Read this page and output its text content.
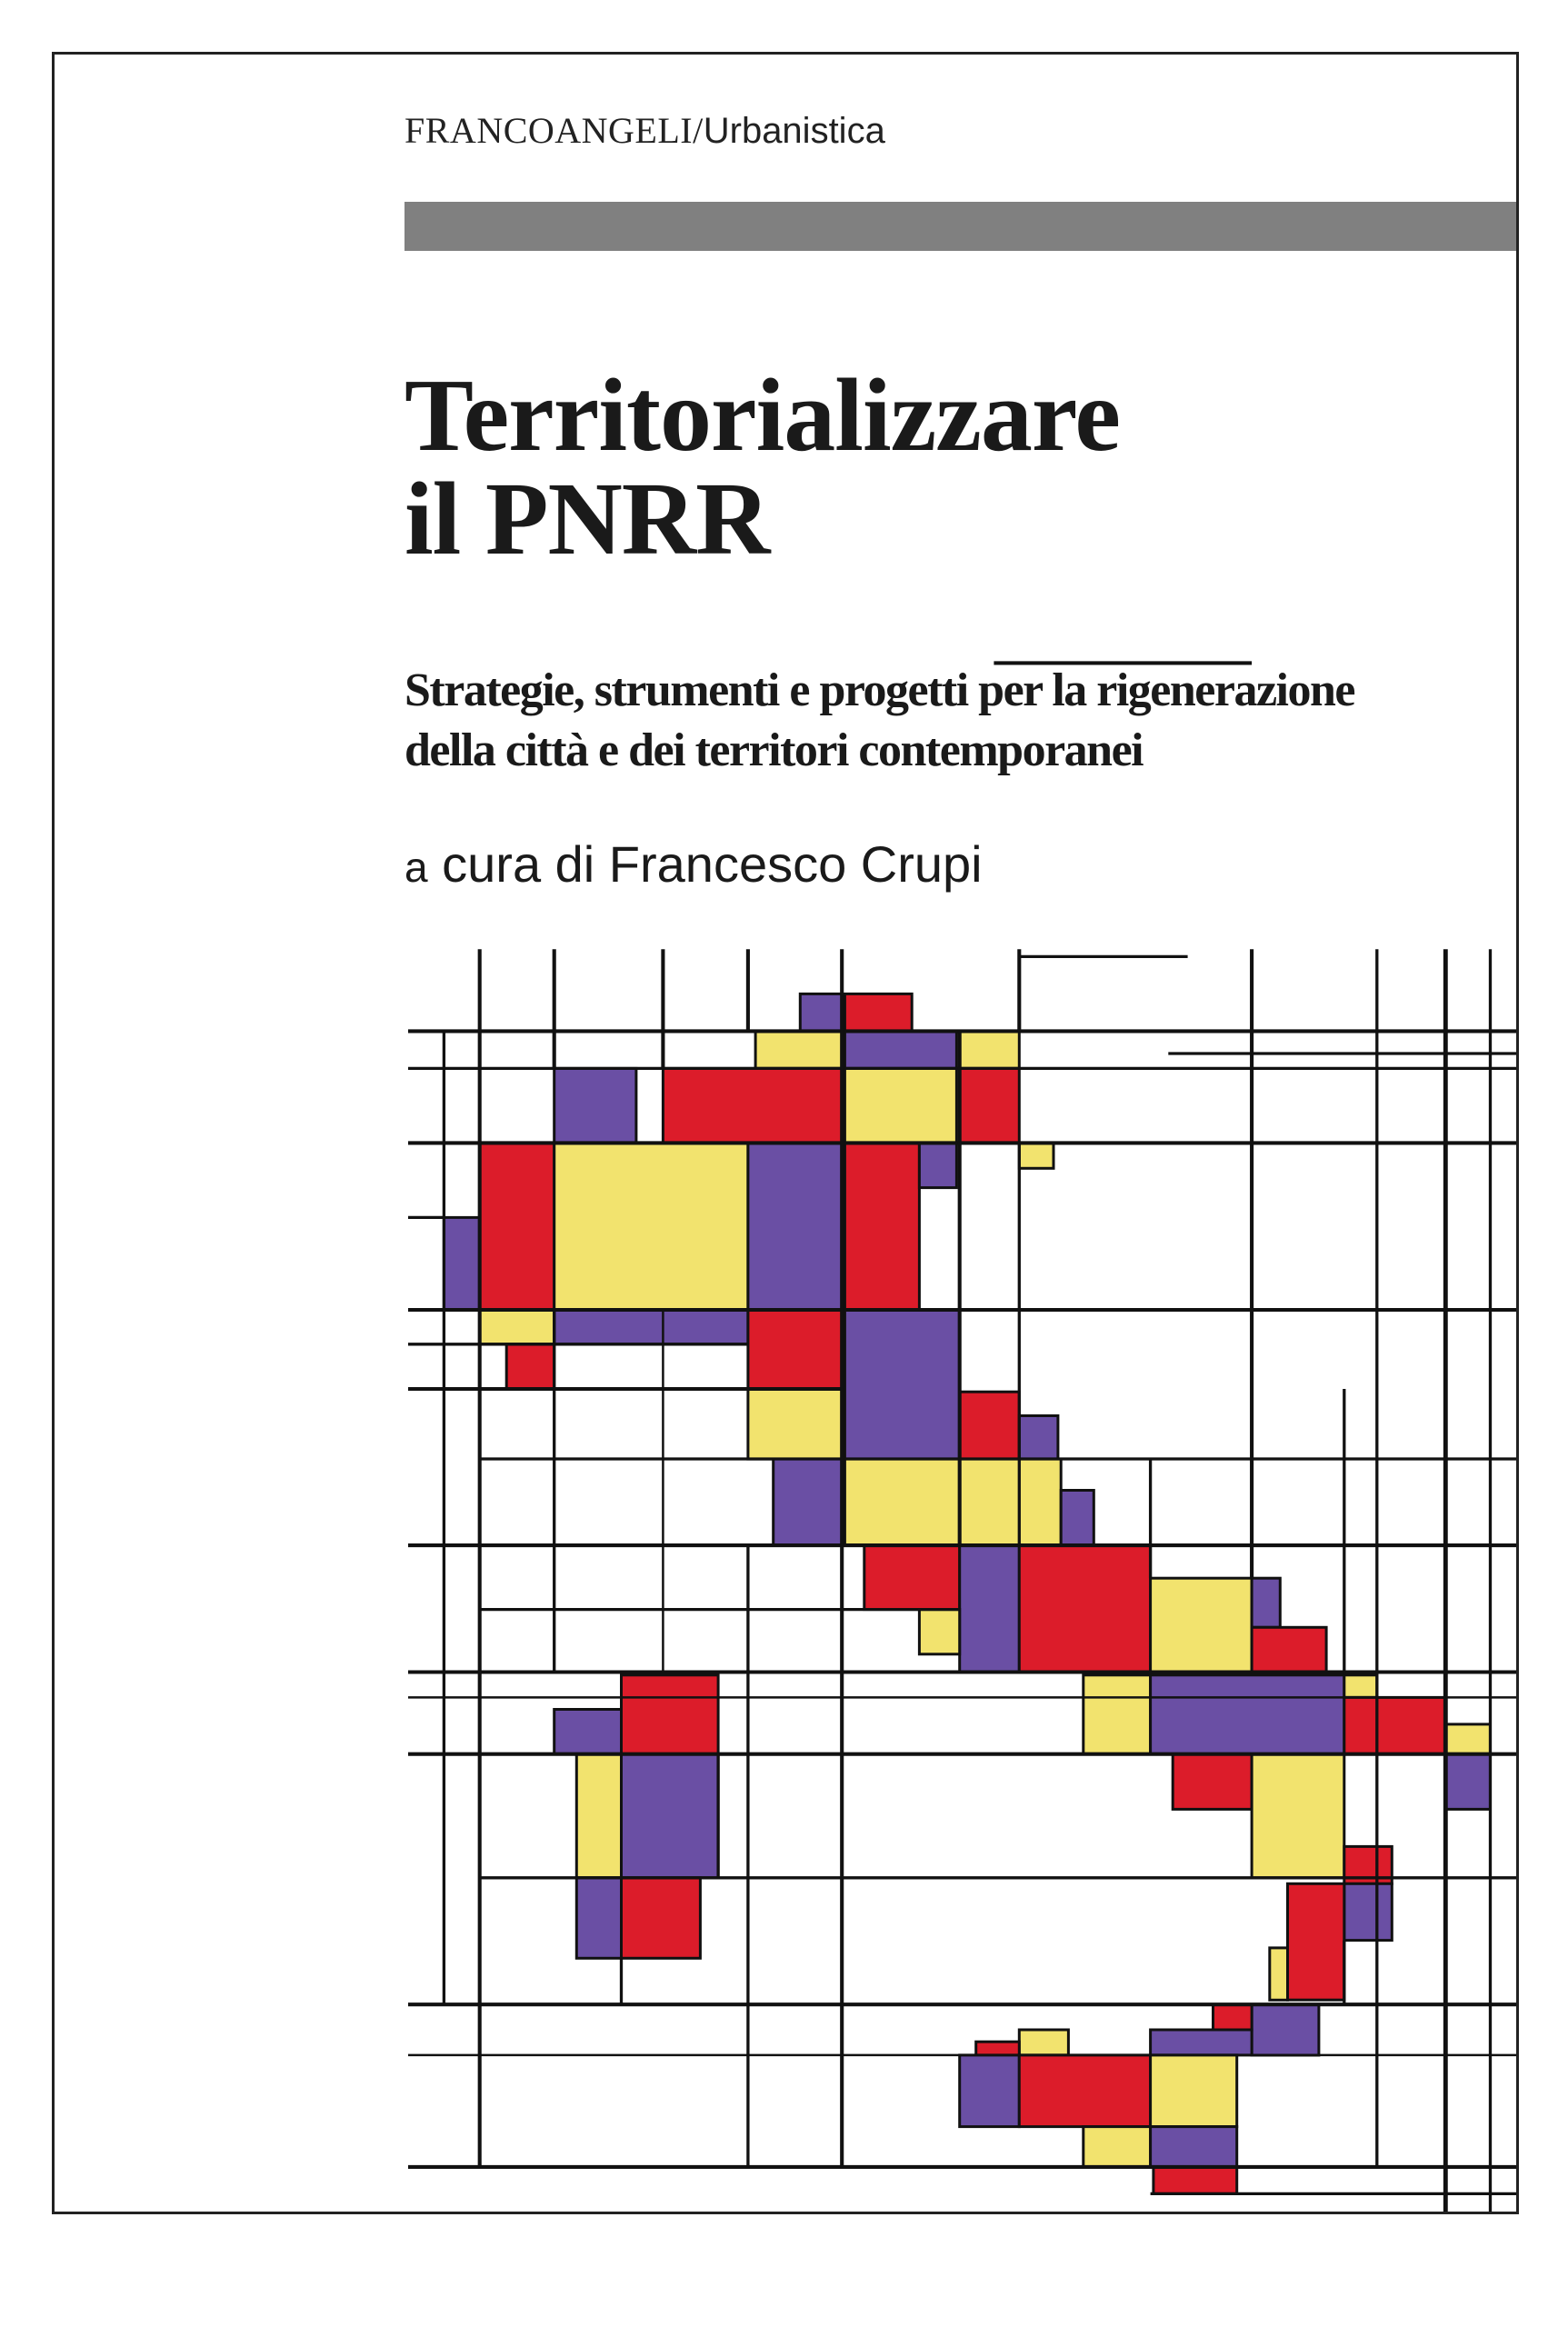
FRANCOANGELI/Urbanistica
Territorializzare
il PNRR
Strategie, strumenti e progetti per la rigenerazione
della città e dei territori contemporanei
a cura di Francesco Crupi
